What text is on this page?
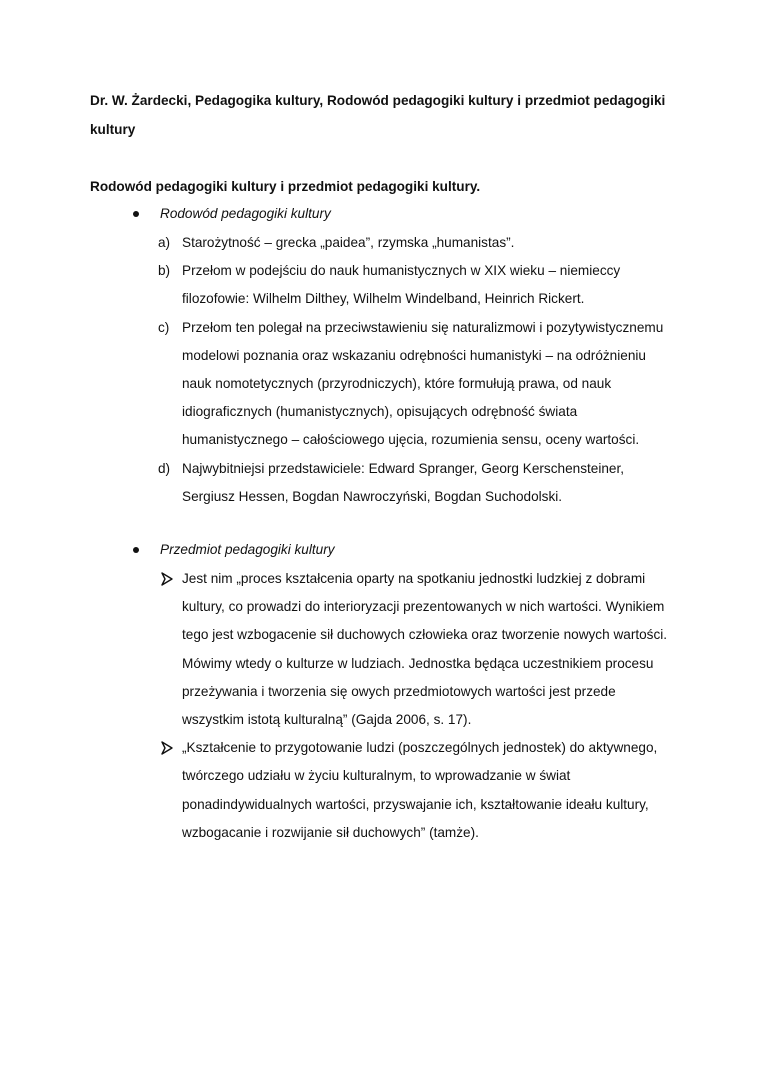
Dr. W. Żardecki, Pedagogika kultury, Rodowód pedagogiki kultury i przedmiot pedagogiki kultury

Rodowód pedagogiki kultury i przedmiot pedagogiki kultury.

Rodowód pedagogiki kultury
a) Starożytność – grecka „paidea”, rzymska „humanistas”.
b) Przełom w podejściu do nauk humanistycznych w XIX wieku – niemieccy filozofowie: Wilhelm Dilthey, Wilhelm Windelband, Heinrich Rickert.
c) Przełom ten polegał na przeciwstawieniu się naturalizmowi i pozytywistycznemu modelowi poznania oraz wskazaniu odrębności humanistyki – na odróżnieniu nauk nomotetycznych (przyrodniczych), które formułują prawa, od nauk idiograficznych (humanistycznych), opisujących odrębność świata humanistycznego – całościowego ujęcia, rozumienia sensu, oceny wartości.
d) Najwybitniejsi przedstawiciele: Edward Spranger, Georg Kerschensteiner, Sergiusz Hessen, Bogdan Nawroczyński, Bogdan Suchodolski.
Przedmiot pedagogiki kultury
Jest nim „proces kształcenia oparty na spotkaniu jednostki ludzkiej z dobrami kultury, co prowadzi do interioryzacji prezentowanych w nich wartości. Wynikiem tego jest wzbogacenie sił duchowych człowieka oraz tworzenie nowych wartości. Mówimy wtedy o kulturze w ludziach. Jednostka będąca uczestnikiem procesu przeżywania i tworzenia się owych przedmiotowych wartości jest przede wszystkim istotą kulturalną” (Gajda 2006, s. 17).
„Kształcenie to przygotowanie ludzi (poszczególnych jednostek) do aktywnego, twórczego udziału w życiu kulturalnym, to wprowadzanie w świat ponadindywidualnych wartości, przyswajanie ich, kształtowanie ideału kultury, wzbogacanie i rozwijanie sił duchowych” (tamże).
